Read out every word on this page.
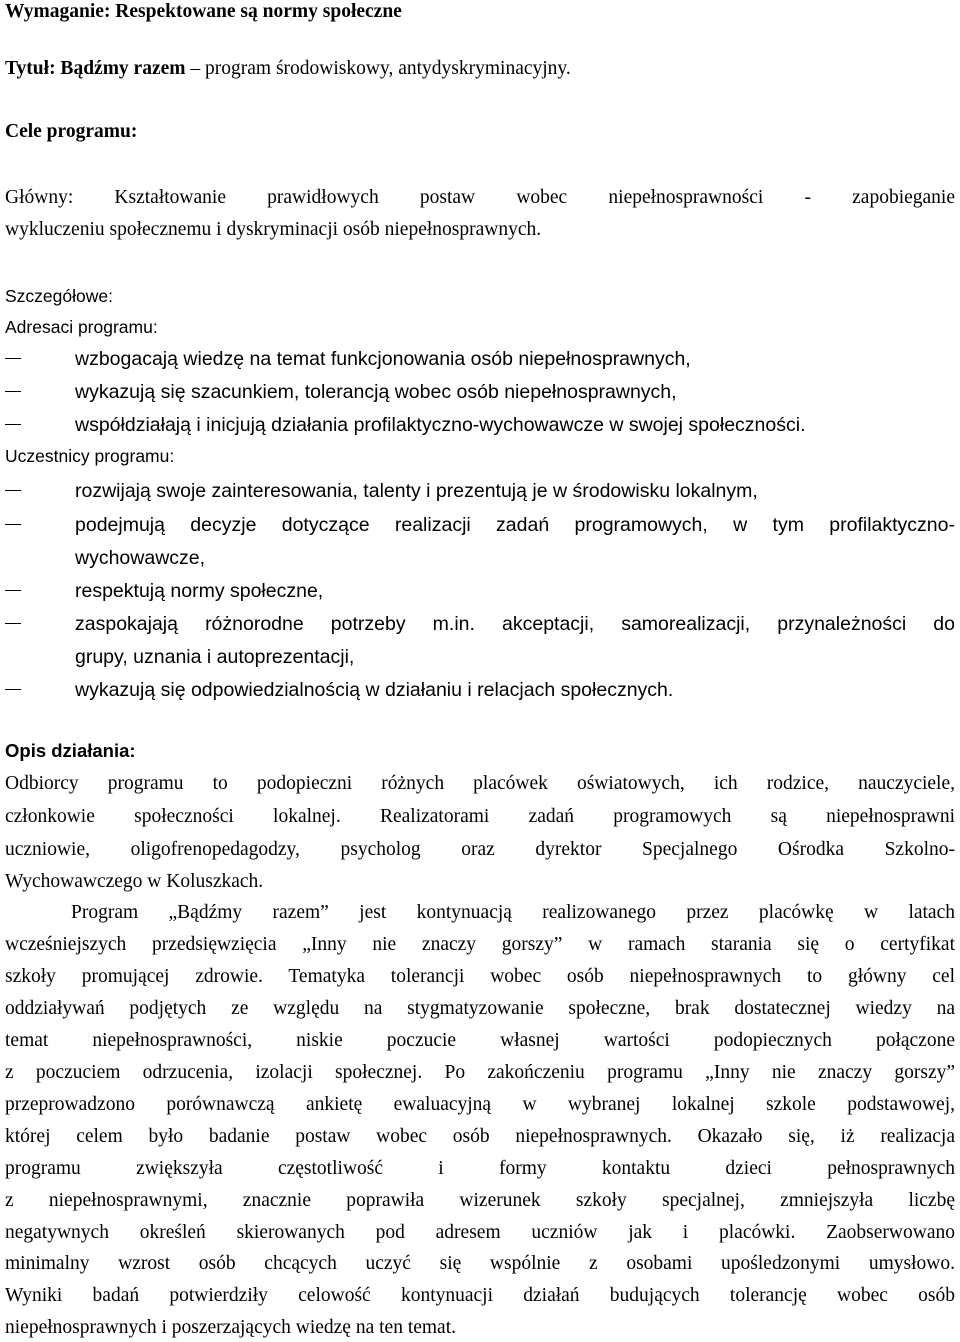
Wymaganie: Respektowane są normy społeczne
Tytuł: Bądźmy razem – program środowiskowy, antydyskryminacyjny.
Cele programu:
Główny: Kształtowanie prawidłowych postaw wobec niepełnosprawności - zapobieganie
wykluczeniu społecznemu i dyskryminacji osób niepełnosprawnych.
Szczegółowe:
Adresaci programu:
wzbogacają wiedzę na temat funkcjonowania osób niepełnosprawnych,
wykazują się szacunkiem, tolerancją wobec osób niepełnosprawnych,
współdziałają i inicjują działania profilaktyczno-wychowawcze w swojej społeczności.
Uczestnicy programu:
rozwijają swoje zainteresowania, talenty i prezentują je w środowisku lokalnym,
podejmują decyzje dotyczące realizacji zadań programowych, w tym profilaktyczno-
wychowawcze,
respektują normy społeczne,
zaspokajają różnorodne potrzeby m.in. akceptacji, samorealizacji, przynależności do
grupy, uznania i autoprezentacji,
wykazują się odpowiedzialnością w działaniu i relacjach społecznych.
Opis działania:
Odbiorcy programu to podopieczni różnych placówek oświatowych, ich rodzice, nauczyciele,
członkowie społeczności lokalnej. Realizatorami zadań programowych są niepełnosprawni
uczniowie, oligofrenopedagodzy, psycholog oraz dyrektor Specjalnego Ośrodka Szkolno-
Wychowawczego w Koluszkach.
Program „Bądźmy razem” jest kontynuacją realizowanego przez placówkę w latach
wcześniejszych przedsięwzięcia „Inny nie znaczy gorszy” w ramach starania się o certyfikat
szkoły promującej zdrowie. Tematyka tolerancji wobec osób niepełnosprawnych to główny cel
oddziaływań podjętych ze względu na stygmatyzowanie społeczne, brak dostatecznej wiedzy na
temat niepełnosprawności, niskie poczucie własnej wartości podopiecznych połączone
z poczuciem odrzucenia, izolacji społecznej. Po zakończeniu programu „Inny nie znaczy gorszy”
przeprowadzono porównawczą ankietę ewaluacyjną w wybranej lokalnej szkole podstawowej,
której celem było badanie postaw wobec osób niepełnosprawnych. Okazało się, iż realizacja
programu zwiększyła częstotliwość i formy kontaktu dzieci pełnosprawnych
z niepełnosprawnymi, znacznie poprawiła wizerunek szkoły specjalnej, zmniejszyła liczbę
negatywnych określeń skierowanych pod adresem uczniów jak i placówki. Zaobserwowano
minimalny wzrost osób chcących uczyć się wspólnie z osobami upośledzonymi umysłowo.
Wyniki badań potwierdziły celowość kontynuacji działań budujących tolerancję wobec osób
niepełnosprawnych i poszerzających wiedzę na ten temat.
